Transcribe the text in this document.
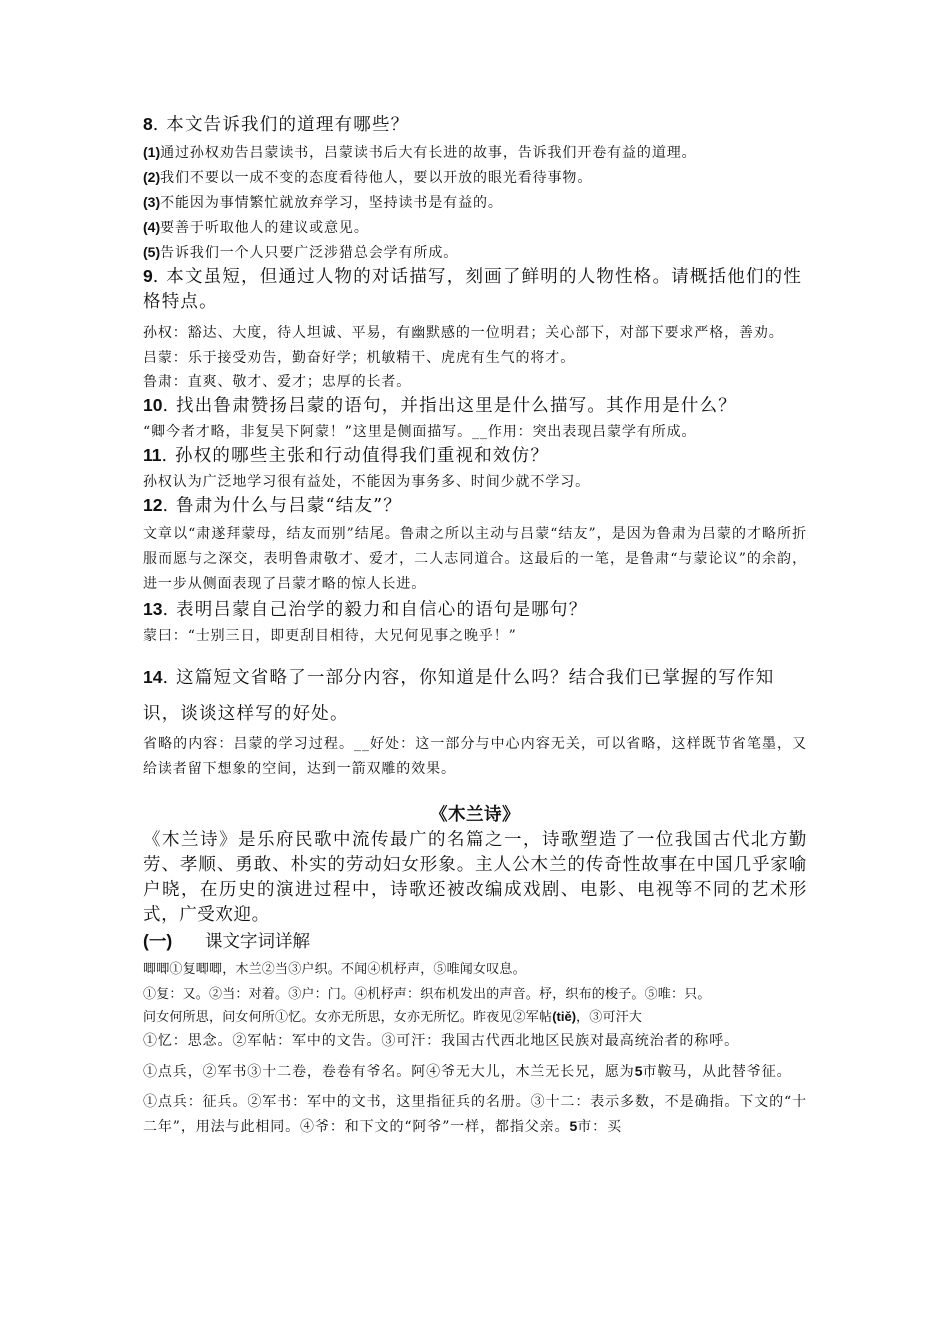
8. 本文告诉我们的道理有哪些？

(1)通过孙权劝告吕蒙读书，吕蒙读书后大有长进的故事，告诉我们开卷有益的道理。

(2)我们不要以一成不变的态度看待他人，要以开放的眼光看待事物。

(3)不能因为事情繁忙就放弃学习，坚持读书是有益的。

(4)要善于听取他人的建议或意见。

(5)告诉我们一个人只要广泛涉猎总会学有所成。

9. 本文虽短，但通过人物的对话描写，刻画了鲜明的人物性格。请概括他们的性格特点。

孙权：豁达、大度，待人坦诚、平易，有幽默感的一位明君；关心部下，对部下要求严格，善劝。

吕蒙：乐于接受劝告，勤奋好学；机敏精干、虎虎有生气的将才。

鲁肃：直爽、敬才、爱才；忠厚的长者。

10. 找出鲁肃赞扬吕蒙的语句，并指出这里是什么描写。其作用是什么？

“卿今者才略，非复吴下阿蒙！”这里是侧面描写。__作用：突出表现吕蒙学有所成。

11. 孙权的哪些主张和行动值得我们重视和效仿？

孙权认为广泛地学习很有益处，不能因为事务多、时间少就不学习。

12. 鲁肃为什么与吕蒙“结友”？

文章以“肃遂拜蒙母，结友而别”结尾。鲁肃之所以主动与吕蒙“结友”，是因为鲁肃为吕蒙的才略所折服而愿与之深交，表明鲁肃敬才、爱才，二人志同道合。这最后的一笔，是鲁肃“与蒙论议”的余韵，进一步从侧面表现了吕蒙才略的惊人长进。

13. 表明吕蒙自己治学的毅力和自信心的语句是哪句？

蒙曰：“士别三日，即更刮目相待，大兄何见事之晚乎！”

14. 这篇短文省略了一部分内容，你知道是什么吗？结合我们已掌握的写作知识，谈谈这样写的好处。

省略的内容：吕蒙的学习过程。__好处：这一部分与中心内容无关，可以省略，这样既节省笔墨，又给读者留下想象的空间，达到一箭双雕的效果。

《木兰诗》

《木兰诗》是乐府民歌中流传最广的名篇之一，诗歌塑造了一位我国古代北方勤劳、孝顺、勇敢、朴实的劳动妇女形象。主人公木兰的传奇性故事在中国几乎家喻户晓，在历史的演进过程中，诗歌还被改编成戏剧、电影、电视等不同的艺术形式，广受欢迎。

(一) 课文字词详解

唧唧①复唧唧，木兰②当③户织。不闻④机杼声，⑤唯闻女叹息。

①复：又。②当：对着。③户：门。④机杼声：织布机发出的声音。杼，织布的梭子。⑤唯：只。

问女何所思，问女何所①忆。女亦无所思，女亦无所忆。昨夜见②军帖(tiě)，③可汗大

①忆：思念。②军帖：军中的文告。③可汗：我国古代西北地区民族对最高统治者的称呼。

①点兵，②军书③十二卷，卷卷有爷名。阿④爷无大儿，木兰无长兄，愿为5市鞍马，从此替爷征。

①点兵：征兵。②军书：军中的文书，这里指征兵的名册。③十二：表示多数，不是确指。下文的“十二年”，用法与此相同。④爷：和下文的“阿爷”一样，都指父亲。5市：买
